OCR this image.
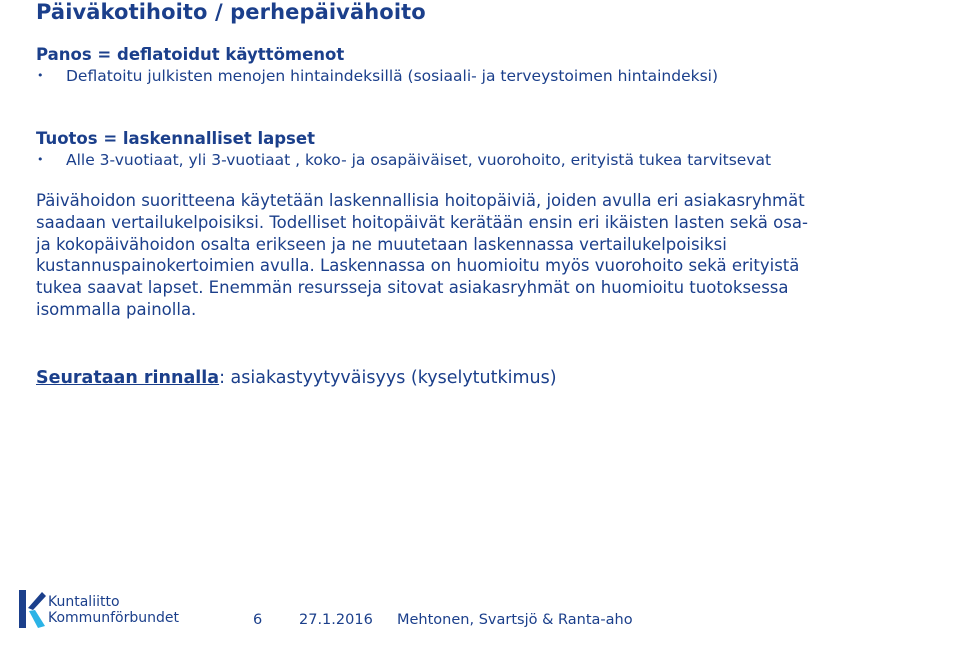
Päiväkotihoito / perhepäivähoito
Panos = deflatoidut käyttömenot
• Deflatoitu julkisten menojen hintaindeksillä (sosiaali- ja terveystoimen hintaindeksi)
Tuotos = laskennalliset lapset
• Alle 3-vuotiaat, yli 3-vuotiaat , koko- ja osapäiväiset, vuorohoito, erityistä tukea tarvitsevat
Päivähoidon suoritteena käytetään laskennallisia hoitopäiviä, joiden avulla eri asiakasryhmät
saadaan vertailukelpoisiksi. Todelliset hoitopäivät kerätään ensin eri ikäisten lasten sekä osa-
ja kokopäivähoidon osalta erikseen ja ne muutetaan laskennassa vertailukelpoisiksi
kustannuspainokertoimien avulla. Laskennassa on huomioitu myös vuorohoito sekä erityistä
tukea saavat lapset. Enemmän resursseja sitovat asiakasryhmät on huomioitu tuotoksessa
isommalla painolla.
Seurataan rinnalla: asiakastyytyväisyys (kyselytutkimus)
Kuntaliitto
Kommunförbundet	6	27.1.2016 Mehtonen, Svartsjö & Ranta-aho
